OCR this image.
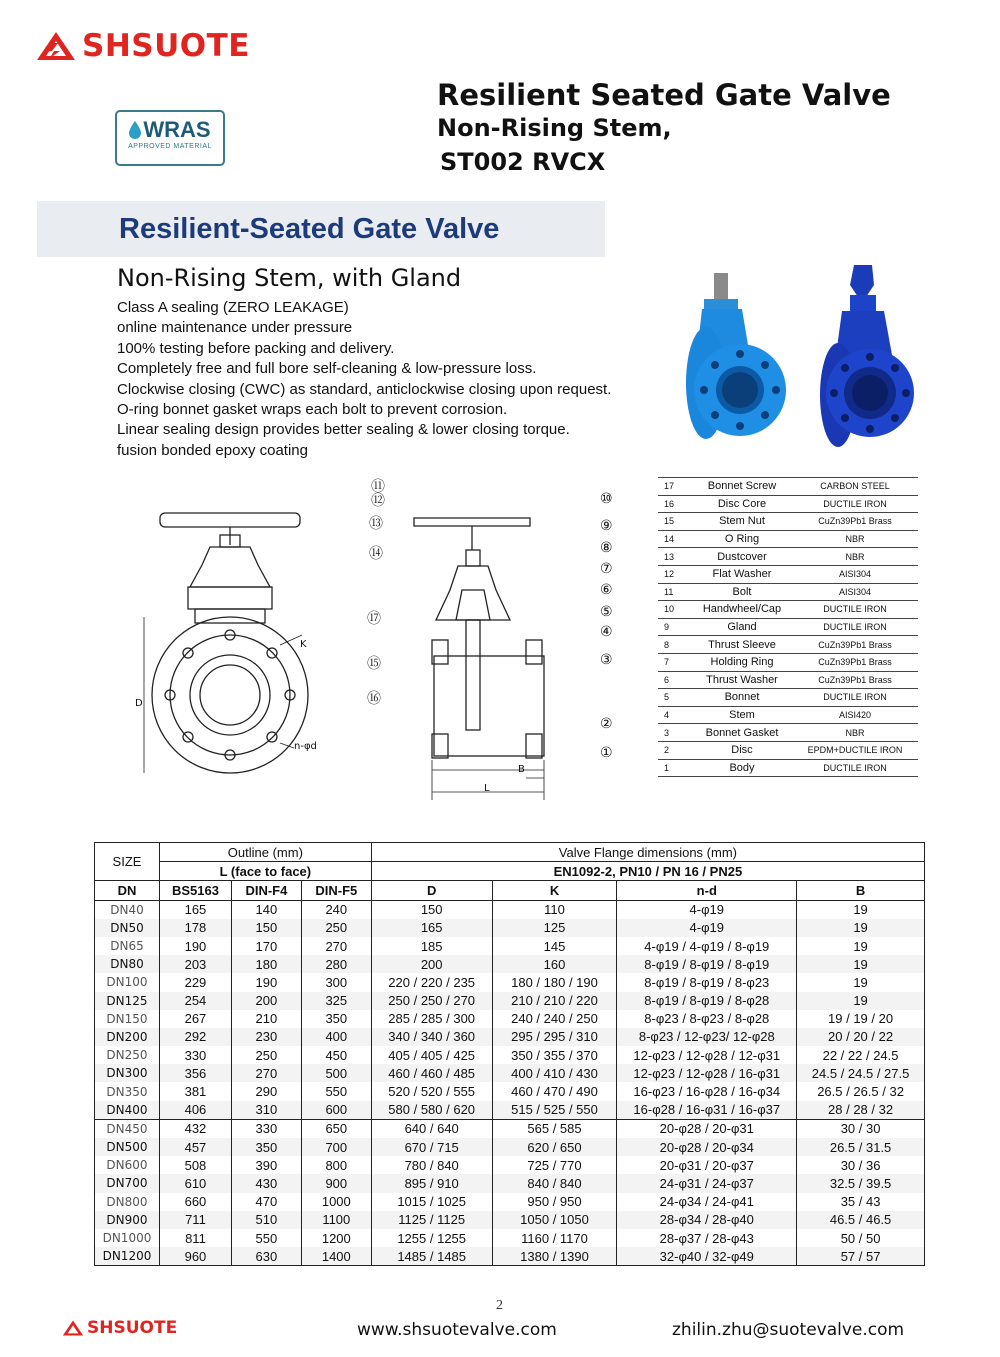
SHSUOTE
Resilient Seated Gate Valve
Non-Rising Stem,
ST002 RVCX
WRAS
APPROVED MATERIAL
Resilient-Seated Gate Valve
Non-Rising Stem, with Gland
Class A sealing (ZERO LEAKAGE)
online maintenance under pressure
100% testing before packing and delivery.
Completely free and full bore self-cleaning & low-pressure loss.
Clockwise closing (CWC) as standard, anticlockwise closing upon request.
O-ring bonnet gasket wraps each bolt to prevent corrosion.
Linear sealing design provides better sealing & lower closing torque.
fusion bonded epoxy coating
D
K
n-φd
L
B
①
②
③
④
⑤
⑥
⑦
⑧
⑨
⑩
⑪
⑫
⑬
⑭
⑮
⑯
⑰
17	Bonnet Screw	CARBON STEEL
16	Disc Core	DUCTILE IRON
15	Stem Nut	CuZn39Pb1 Brass
14	O Ring	NBR
13	Dustcover	NBR
12	Flat Washer	AISI304
11	Bolt	AISI304
10	Handwheel/Cap	DUCTILE IRON
9	Gland	DUCTILE IRON
8	Thrust Sleeve	CuZn39Pb1 Brass
7	Holding Ring	CuZn39Pb1 Brass
6	Thrust Washer	CuZn39Pb1 Brass
5	Bonnet	DUCTILE IRON
4	Stem	AISI420
3	Bonnet Gasket	NBR
2	Disc	EPDM+DUCTILE IRON
1	Body	DUCTILE IRON
SIZE	Outline (mm)			Valve Flange dimensions (mm)			
	L (face to face)			EN1092-2, PN10 / PN 16 / PN25			
DN	BS5163	DIN-F4	DIN-F5	D	K	n-d	B
DN40	165	140	240	150	110	4-φ19	19
DN50	178	150	250	165	125	4-φ19	19
DN65	190	170	270	185	145	4-φ19 / 4-φ19 / 8-φ19	19
DN80	203	180	280	200	160	8-φ19 / 8-φ19 / 8-φ19	19
DN100	229	190	300	220 / 220 / 235	180 / 180 / 190	8-φ19 / 8-φ19 / 8-φ23	19
DN125	254	200	325	250 / 250 / 270	210 / 210 / 220	8-φ19 / 8-φ19 / 8-φ28	19
DN150	267	210	350	285 / 285 / 300	240 / 240 / 250	8-φ23 / 8-φ23 / 8-φ28	19 / 19 / 20
DN200	292	230	400	340 / 340 / 360	295 / 295 / 310	8-φ23 / 12-φ23/ 12-φ28	20 / 20 / 22
DN250	330	250	450	405 / 405 / 425	350 / 355 / 370	12-φ23 / 12-φ28 / 12-φ31	22 / 22 / 24.5
DN300	356	270	500	460 / 460 / 485	400 / 410 / 430	12-φ23 / 12-φ28 / 16-φ31	24.5 / 24.5 / 27.5
DN350	381	290	550	520 / 520 / 555	460 / 470 / 490	16-φ23 / 16-φ28 / 16-φ34	26.5 / 26.5 / 32
DN400	406	310	600	580 / 580 / 620	515 / 525 / 550	16-φ28 / 16-φ31 / 16-φ37	28 / 28 / 32
DN450	432	330	650	640 / 640	565 / 585	20-φ28 / 20-φ31	30 / 30
DN500	457	350	700	670 / 715	620 / 650	20-φ28 / 20-φ34	26.5 / 31.5
DN600	508	390	800	780 / 840	725 / 770	20-φ31 / 20-φ37	30 / 36
DN700	610	430	900	895 / 910	840 / 840	24-φ31 / 24-φ37	32.5 / 39.5
DN800	660	470	1000	1015 / 1025	950 / 950	24-φ34 / 24-φ41	35 / 43
DN900	711	510	1100	1125 / 1125	1050 / 1050	28-φ34 / 28-φ40	46.5 / 46.5
DN1000	811	550	1200	1255 / 1255	1160 / 1170	28-φ37 / 28-φ43	50 / 50
DN1200	960	630	1400	1485 / 1485	1380 / 1390	32-φ40 / 32-φ49	57 / 57
2
SHSUOTE	www.shsuotevalve.com	zhilin.zhu@suotevalve.com
